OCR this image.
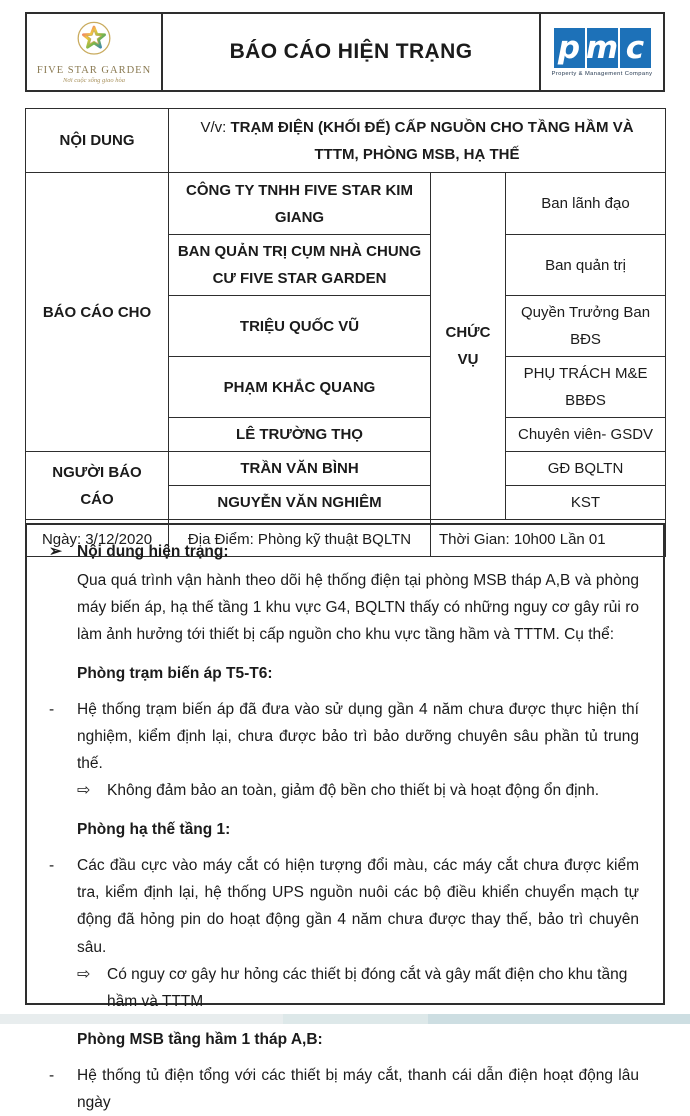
FIVE STAR GARDEN
Nơi cuộc sống giao hòa
BÁO CÁO HIỆN TRẠNG	p m c
Property & Management Company
NỘI DUNG	V/v: TRẠM ĐIỆN (KHỐI ĐẾ) CẤP NGUỒN CHO TẦNG HẦM VÀ TTTM, PHÒNG MSB, HẠ THẾ		
BÁO CÁO CHO	CÔNG TY TNHH FIVE STAR KIM GIANG	CHỨC VỤ	Ban lãnh đạo
	BAN QUẢN TRỊ CỤM NHÀ CHUNG CƯ FIVE STAR GARDEN		Ban quản trị
	TRIỆU QUỐC VŨ		Quyền Trưởng Ban BĐS
	PHẠM KHẮC QUANG		PHỤ TRÁCH M&E BBĐS
	LÊ TRƯỜNG THỌ		Chuyên viên- GSDV
NGƯỜI BÁO CÁO	TRẦN VĂN BÌNH		GĐ BQLTN
	NGUYỄN VĂN NGHIÊM		KST
Ngày: 3/12/2020	Địa Điểm: Phòng kỹ thuật BQLTN	Thời Gian: 10h00 Lần 01	
➢ Nội dung hiện trạng:
Qua quá trình vận hành theo dõi hệ thống điện tại phòng MSB tháp A,B và phòng máy biến áp, hạ thế tầng 1 khu vực G4, BQLTN thấy có những nguy cơ gây rủi ro làm ảnh hưởng tới thiết bị cấp nguồn cho khu vực tầng hầm và TTTM. Cụ thể:
Phòng trạm biến áp T5-T6:
-	Hệ thống trạm biến áp đã đưa vào sử dụng gần 4 năm chưa được thực hiện thí nghiệm, kiểm định lại, chưa được bảo trì bảo dưỡng chuyên sâu phần tủ trung thế.
⇨	Không đảm bảo an toàn, giảm độ bền cho thiết bị và hoạt động ổn định.
Phòng hạ thế tầng 1:
-	Các đầu cực vào máy cắt có hiện tượng đổi màu, các máy cắt chưa được kiểm tra, kiểm định lại, hệ thống UPS nguồn nuôi các bộ điều khiển chuyển mạch tự động đã hỏng pin do hoạt động gần 4 năm chưa được thay thế, bảo trì chuyên sâu.
⇨	Có nguy cơ gây hư hỏng các thiết bị đóng cắt và gây mất điện cho khu tầng hầm và TTTM
Phòng MSB tầng hầm 1 tháp A,B:
-	Hệ thống tủ điện tổng với các thiết bị máy cắt, thanh cái dẫn điện hoạt động lâu ngày
